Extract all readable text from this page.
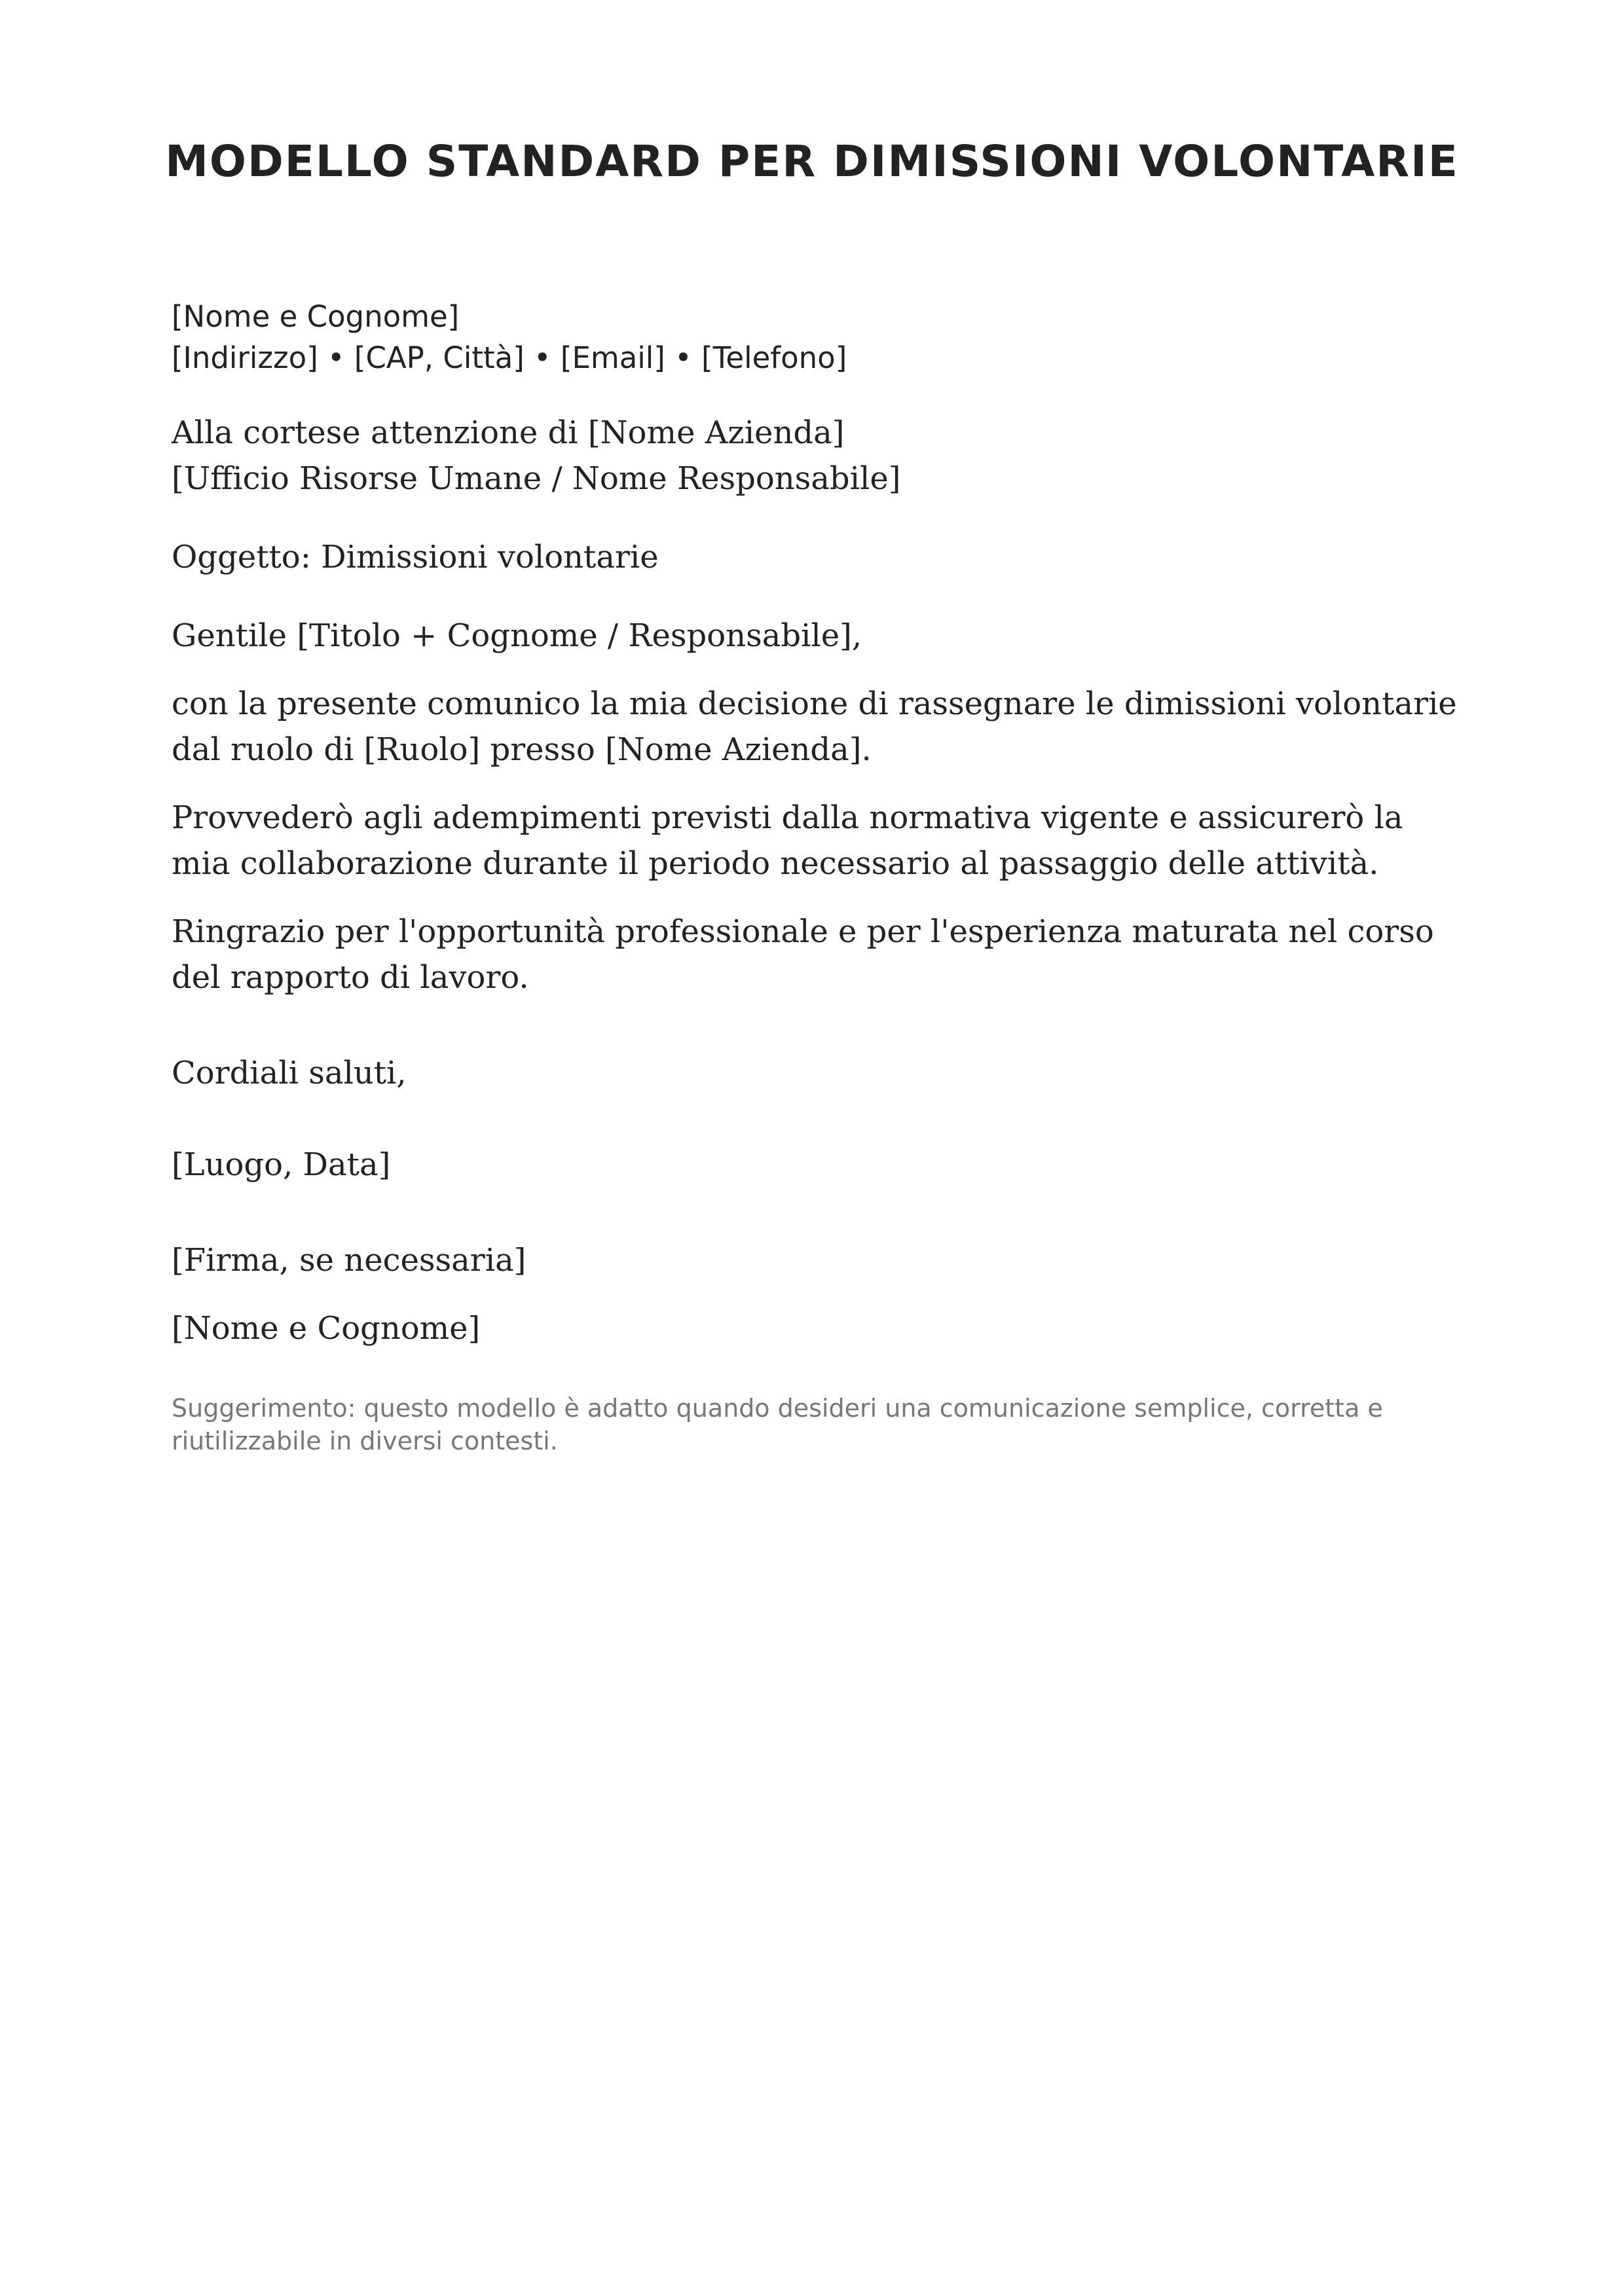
MODELLO STANDARD PER DIMISSIONI VOLONTARIE
[Nome e Cognome]
[Indirizzo] • [CAP, Città] • [Email] • [Telefono]
Alla cortese attenzione di [Nome Azienda]
[Ufficio Risorse Umane / Nome Responsabile]

Oggetto: Dimissioni volontarie

Gentile [Titolo + Cognome / Responsabile],

con la presente comunico la mia decisione di rassegnare le dimissioni volontarie dal ruolo di [Ruolo] presso [Nome Azienda].

Provvederò agli adempimenti previsti dalla normativa vigente e assicurerò la mia collaborazione durante il periodo necessario al passaggio delle attività.

Ringrazio per l'opportunità professionale e per l'esperienza maturata nel corso del rapporto di lavoro.

Cordiali saluti,

[Luogo, Data]

[Firma, se necessaria]

[Nome e Cognome]

Suggerimento: questo modello è adatto quando desideri una comunicazione semplice, corretta e riutilizzabile in diversi contesti.
